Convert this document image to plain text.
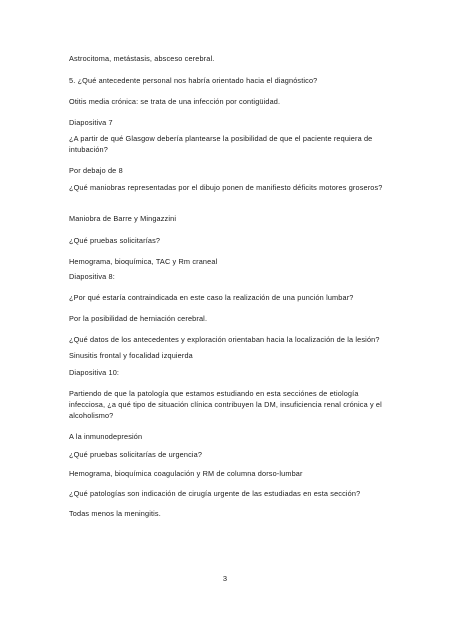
Astrocitoma, metástasis, absceso cerebral.
5. ¿Qué antecedente personal nos habría orientado hacia el diagnóstico?
Otitis media crónica: se trata de una infección por contigüidad.
Diapositiva 7
¿A partir de qué Glasgow debería plantearse la posibilidad de que el paciente requiera de intubación?
Por debajo de 8
¿Qué maniobras representadas por el dibujo ponen de manifiesto déficits motores groseros?
Maniobra de Barre y Mingazzini
¿Qué pruebas solicitarías?
Hemograma, bioquímica, TAC y Rm craneal
Diapositiva 8:
¿Por qué estaría contraindicada en este caso la realización de una punción lumbar?
Por la posibilidad de herniación cerebral.
¿Qué datos de los antecedentes y exploración orientaban hacia la localización de la lesión?
Sinusitis frontal y focalidad izquierda
Diapositiva 10:
Partiendo de que la patología que estamos estudiando en esta secciónes de etiología infecciosa, ¿a qué tipo de situación clínica contribuyen la DM, insuficiencia renal crónica y el alcoholismo?
A la inmunodepresión
¿Qué pruebas solicitarías de urgencia?
Hemograma, bioquímica coagulación y RM de columna dorso-lumbar
¿Qué patologías son indicación de cirugía urgente de las estudiadas en esta sección?
Todas menos la meningitis.
3
